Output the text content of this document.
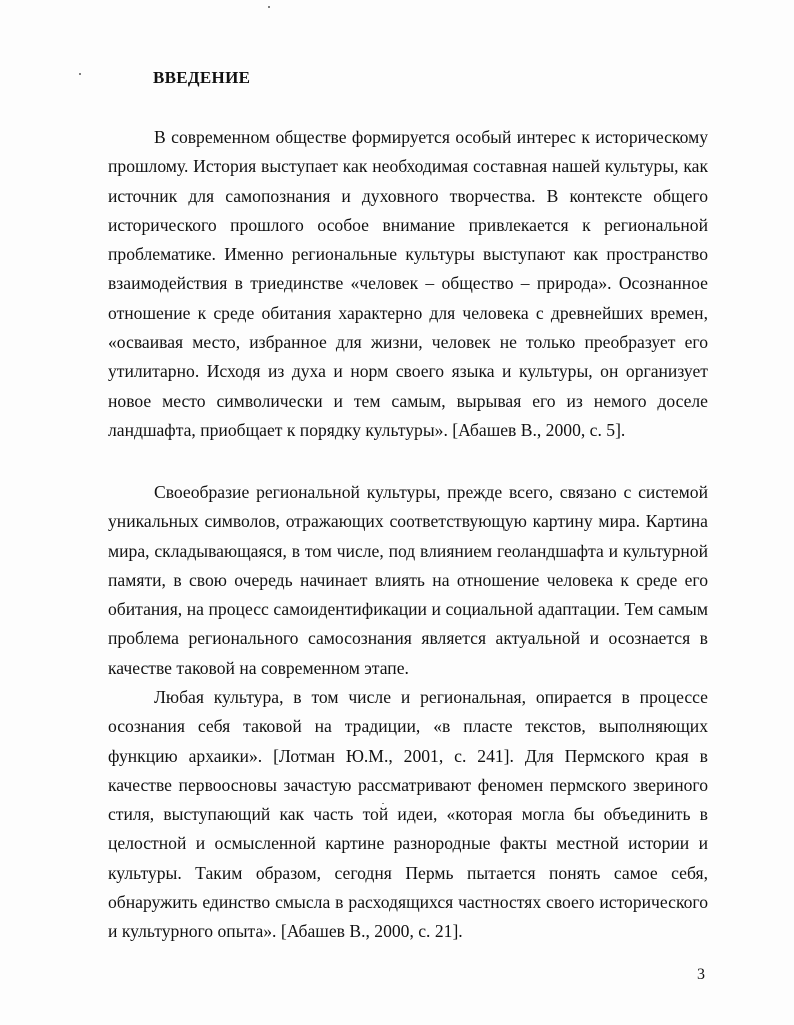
ВВЕДЕНИЕ

В современном обществе формируется особый интерес к историческому прошлому. История выступает как необходимая составная нашей культуры, как источник для самопознания и духовного творчества. В контексте общего исторического прошлого особое внимание привлекается к региональной проблематике. Именно региональные культуры выступают как пространство взаимодействия в триединстве «человек – общество – природа». Осознанное отношение к среде обитания характерно для человека с древнейших времен, «осваивая место, избранное для жизни, человек не только преобразует его утилитарно. Исходя из духа и норм своего языка и культуры, он организует новое место символически и тем самым, вырывая его из немого доселе ландшафта, приобщает к порядку культуры». [Абашев В., 2000, с. 5].

Своеобразие региональной культуры, прежде всего, связано с системой уникальных символов, отражающих соответствующую картину мира. Картина мира, складывающаяся, в том числе, под влиянием геоландшафта и культурной памяти, в свою очередь начинает влиять на отношение человека к среде его обитания, на процесс самоидентификации и социальной адаптации. Тем самым проблема регионального самосознания является актуальной и осознается в качестве таковой на современном этапе.

Любая культура, в том числе и региональная, опирается в процессе осознания себя таковой на традиции, «в пласте текстов, выполняющих функцию архаики». [Лотман Ю.М., 2001, с. 241]. Для Пермского края в качестве первоосновы зачастую рассматривают феномен пермского звериного стиля, выступающий как часть той идеи, «которая могла бы объединить в целостной и осмысленной картине разнородные факты местной истории и культуры. Таким образом, сегодня Пермь пытается понять самое себя, обнаружить единство смысла в расходящихся частностях своего исторического и культурного опыта». [Абашев В., 2000, с. 21].

3
